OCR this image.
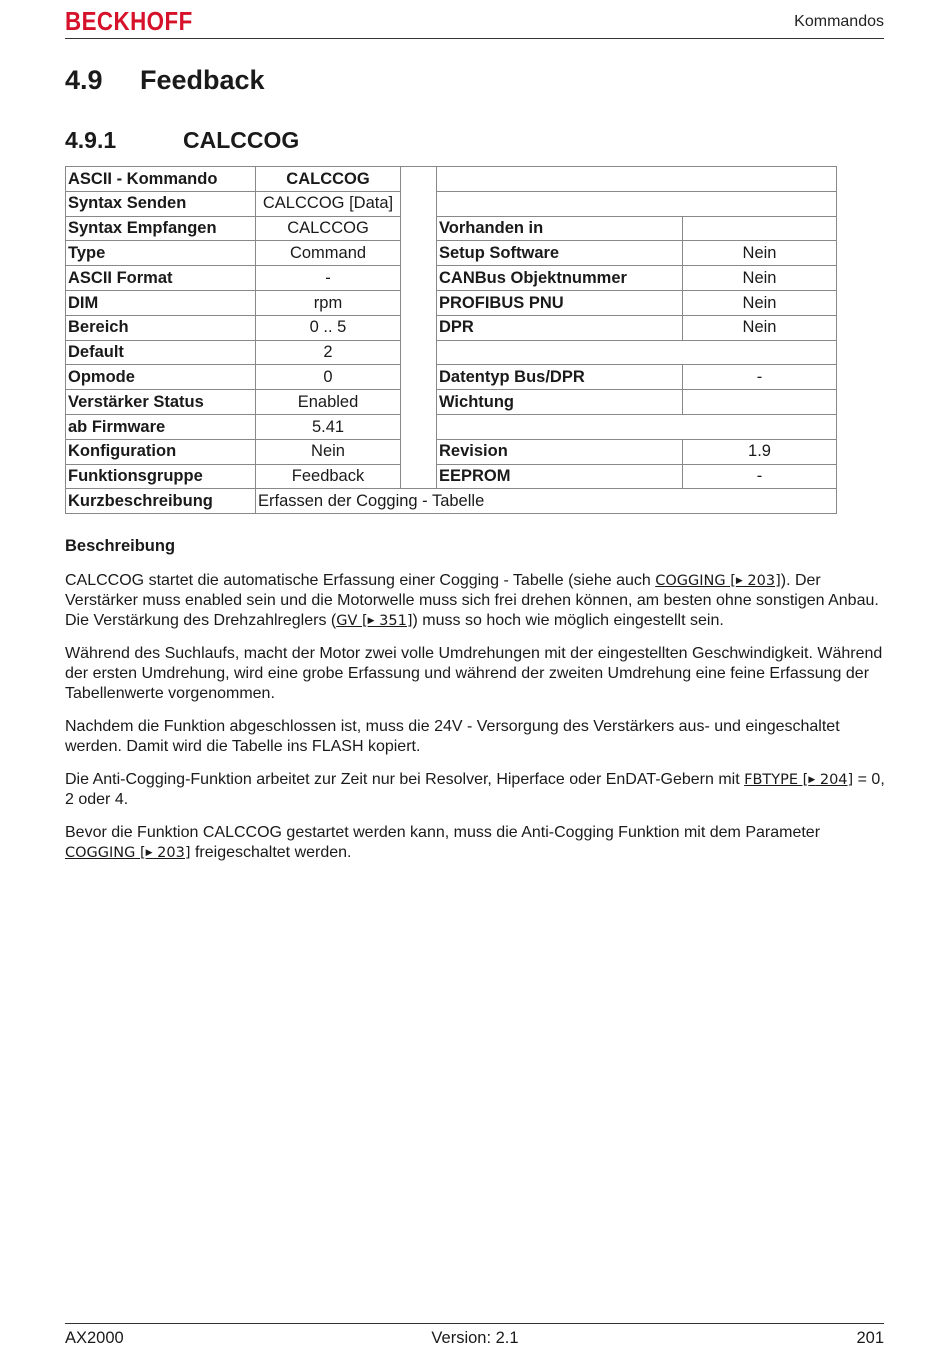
BECKHOFF	Kommandos
4.9 Feedback
4.9.1	CALCCOG
ASCII - Kommando	CALCCOG			
Syntax Senden	CALCCOG [Data]			
Syntax Empfangen	CALCCOG		Vorhanden in	
Type	Command		Setup Software	Nein
ASCII Format	-		CANBus Objektnummer	Nein
DIM	rpm		PROFIBUS PNU	Nein
Bereich	0 .. 5		DPR	Nein
Default	2			
Opmode	0		Datentyp Bus/DPR	-
Verstärker Status	Enabled		Wichtung	
ab Firmware	5.41			
Konfiguration	Nein		Revision	1.9
Funktionsgruppe	Feedback		EEPROM	-
Kurzbeschreibung	Erfassen der Cogging - Tabelle			
Beschreibung

CALCCOG startet die automatische Erfassung einer Cogging - Tabelle (siehe auch COGGING [▶ 203]). Der Verstärker muss enabled sein und die Motorwelle muss sich frei drehen können, am besten ohne sonstigen Anbau. Die Verstärkung des Drehzahlreglers (GV [▶ 351]) muss so hoch wie möglich eingestellt sein.

Während des Suchlaufs, macht der Motor zwei volle Umdrehungen mit der eingestellten Geschwindigkeit. Während der ersten Umdrehung, wird eine grobe Erfassung und während der zweiten Umdrehung eine feine Erfassung der Tabellenwerte vorgenommen.

Nachdem die Funktion abgeschlossen ist, muss die 24V - Versorgung des Verstärkers aus- und eingeschaltet werden. Damit wird die Tabelle ins FLASH kopiert.

Die Anti-Cogging-Funktion arbeitet zur Zeit nur bei Resolver, Hiperface oder EnDAT-Gebern mit FBTYPE [▶ 204] = 0, 2 oder 4.

Bevor die Funktion CALCCOG gestartet werden kann, muss die Anti-Cogging Funktion mit dem Parameter COGGING [▶ 203] freigeschaltet werden.

AX2000	Version: 2.1	201
